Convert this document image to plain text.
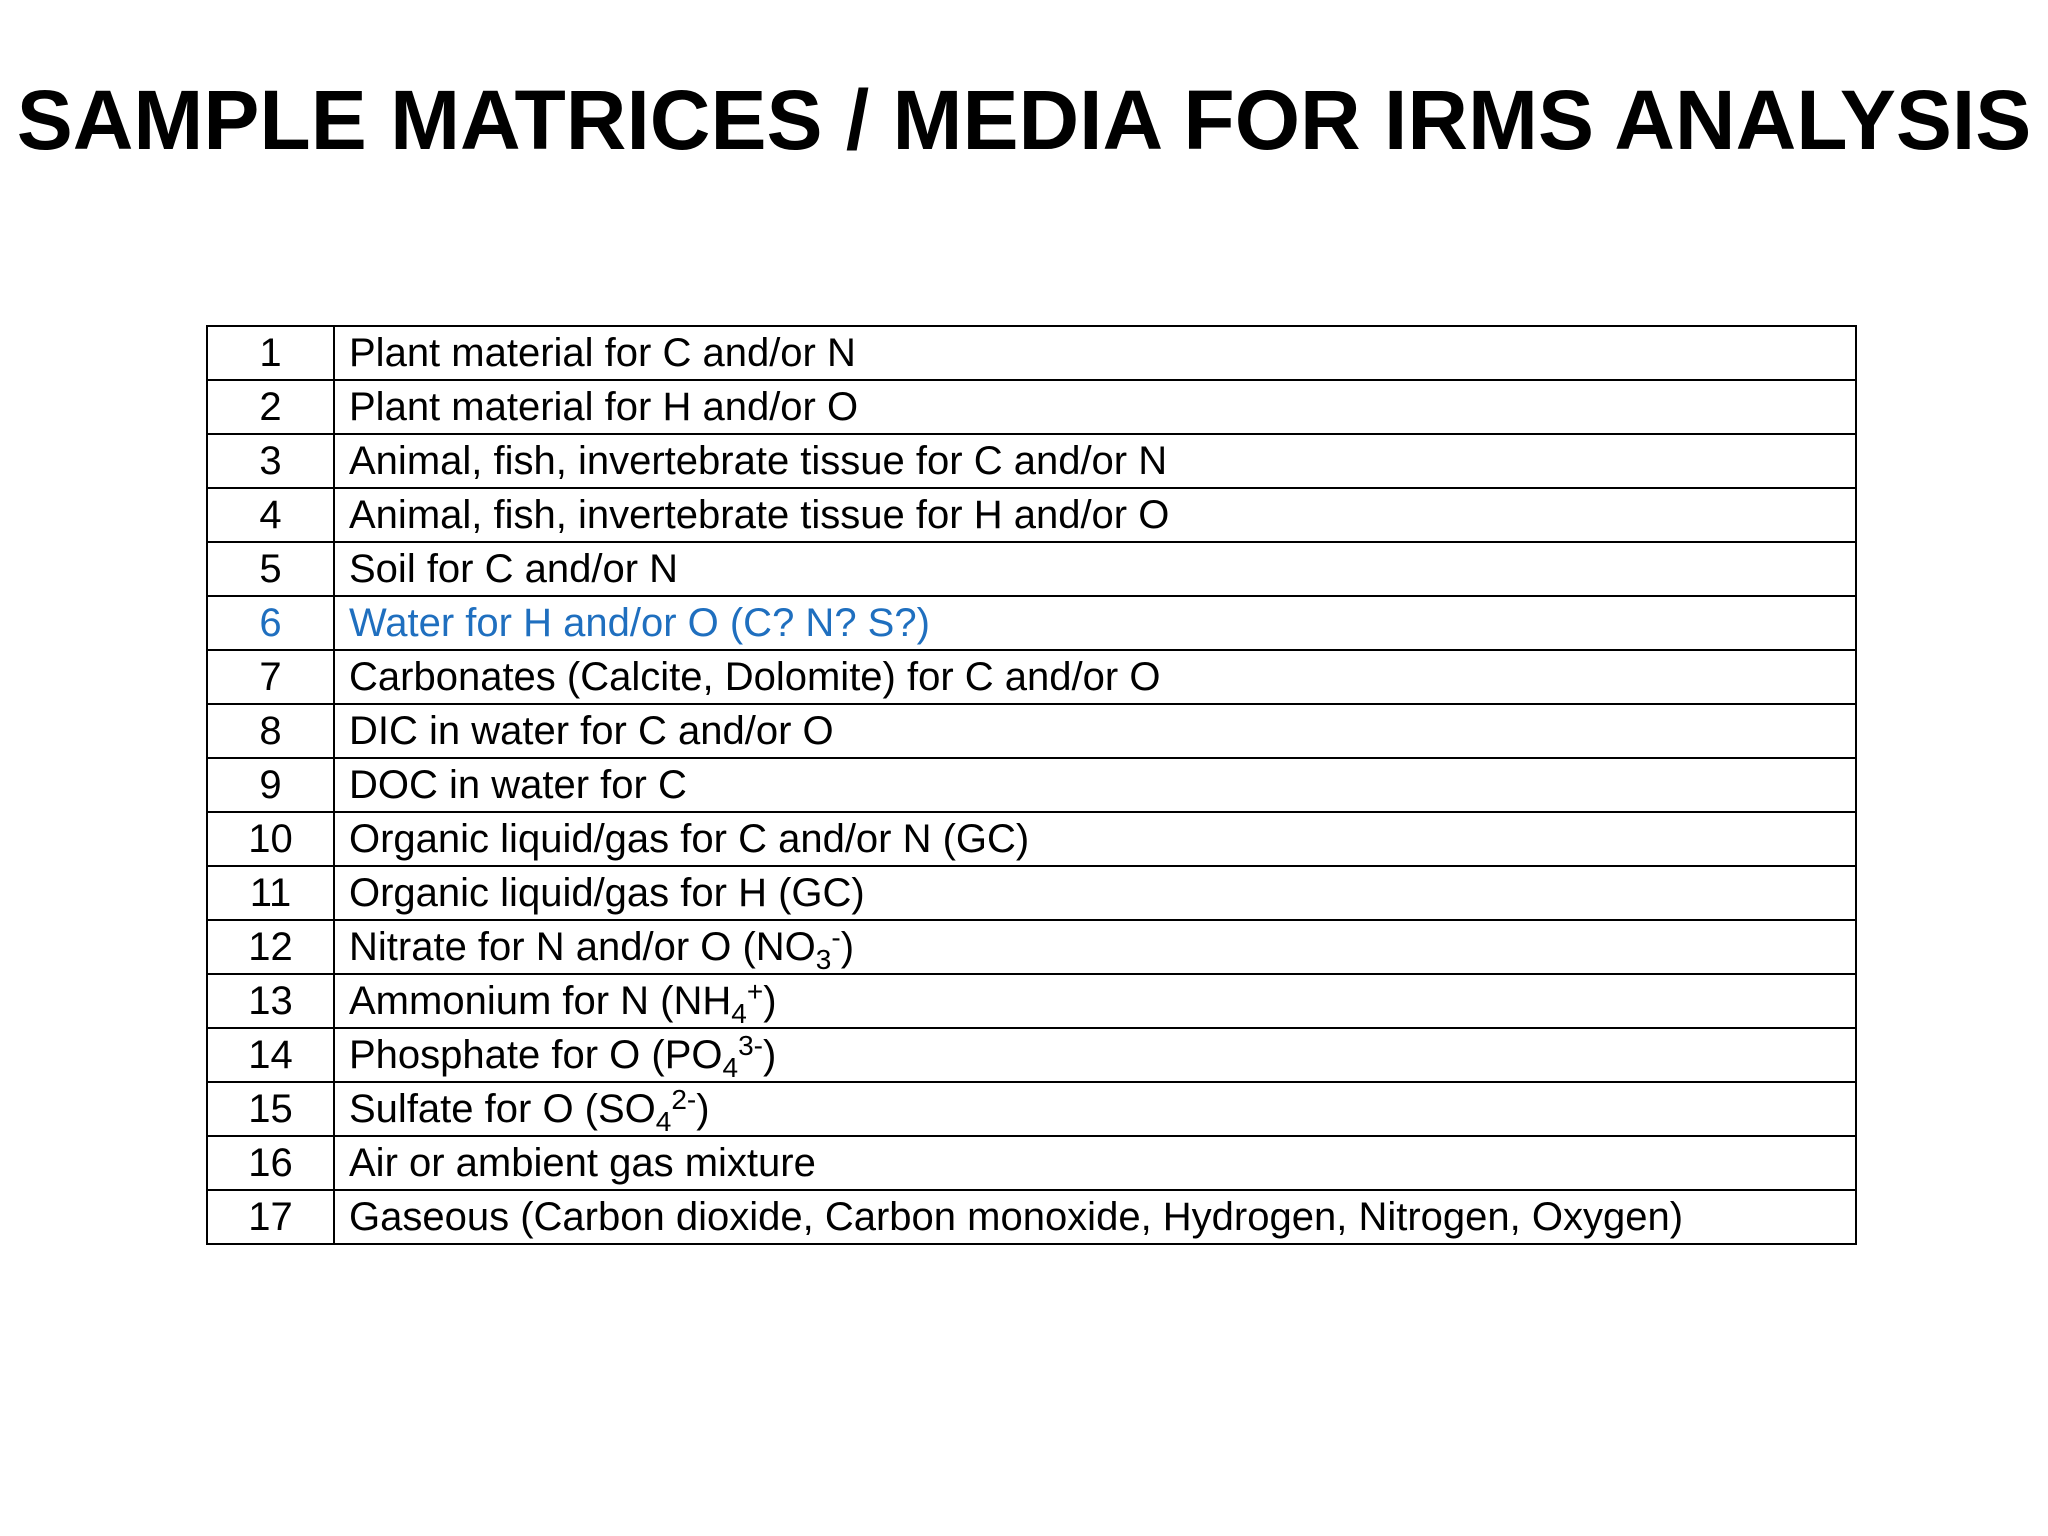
SAMPLE MATRICES / MEDIA FOR IRMS ANALYSIS
1	Plant material for C and/or N
2	Plant material for H and/or O
3	Animal, fish, invertebrate tissue for C and/or N
4	Animal, fish, invertebrate tissue for H and/or O
5	Soil for C and/or N
6	Water for H and/or O (C? N? S?)
7	Carbonates (Calcite, Dolomite) for C and/or O
8	DIC in water for C and/or O
9	DOC in water for C
10	Organic liquid/gas for C and/or N (GC)
11	Organic liquid/gas for H (GC)
12	Nitrate for N and/or O $(NO_3^-)$
13	Ammonium for N $(NH_4^+)$
14	Phosphate for O $(PO_4^{3-})$
15	Sulfate for O $(SO_4^{2-})$
16	Air or ambient gas mixture
17	Gaseous (Carbon dioxide, Carbon monoxide, Hydrogen, Nitrogen, Oxygen)
